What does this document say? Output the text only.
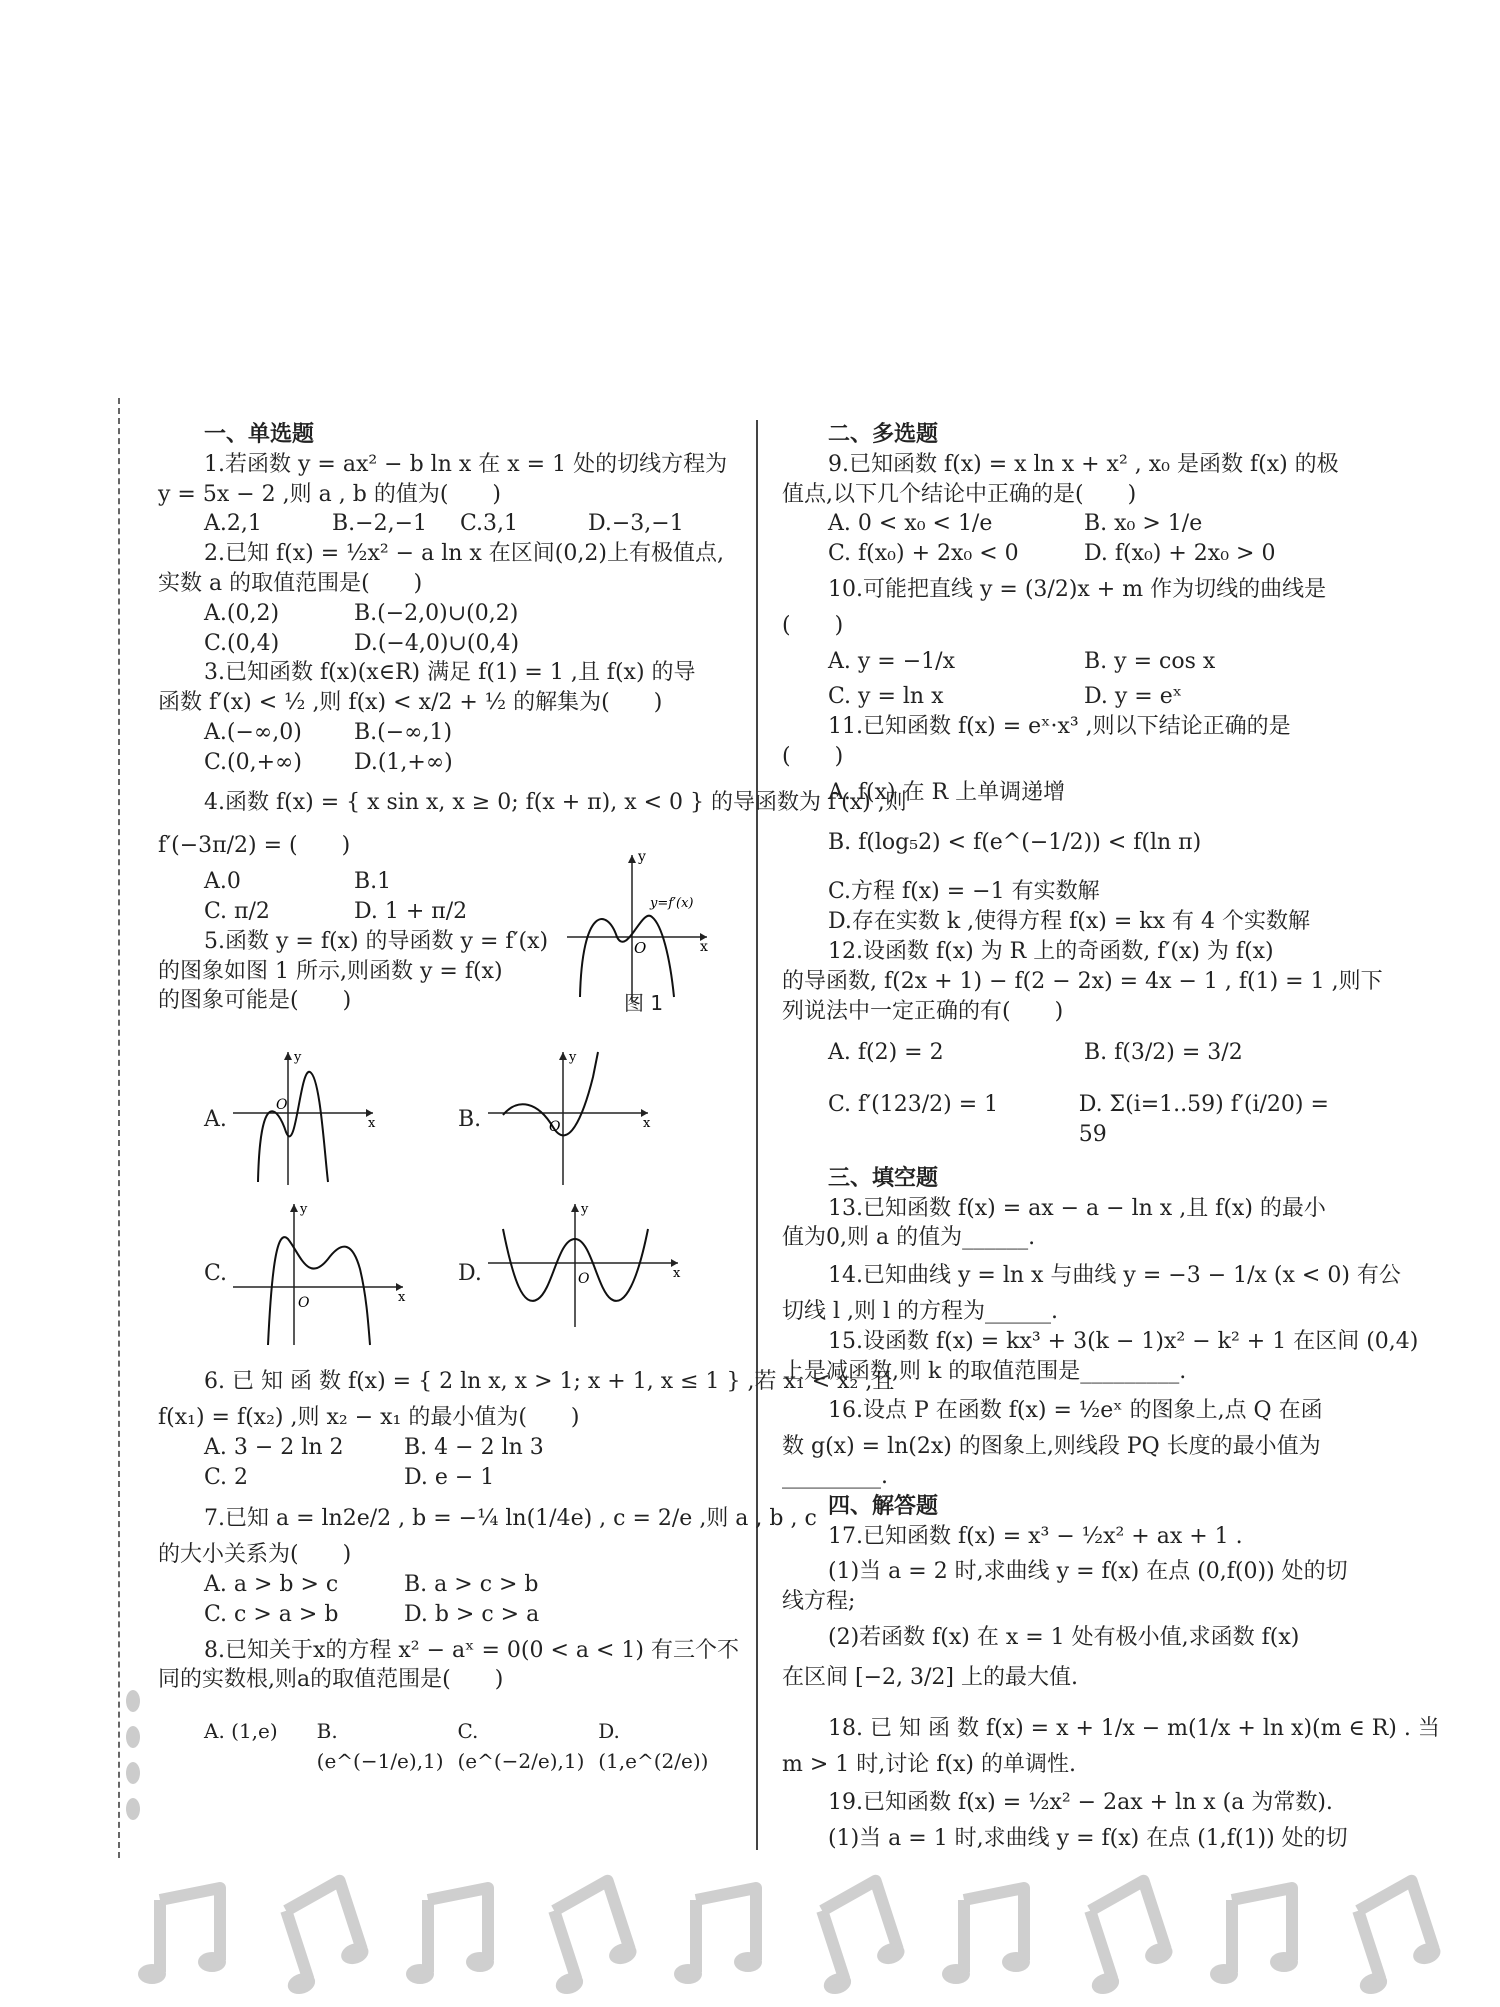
一、单选题
1.若函数 y = ax² − b ln x 在 x = 1 处的切线方程为
y = 5x − 2 ,则 a , b 的值为(　　)
A.2,1	B.−2,−1	C.3,1	D.−3,−1
2.已知 f(x) = ½x² − a ln x 在区间(0,2)上有极值点,
实数 a 的取值范围是(　　)
A.(0,2)	B.(−2,0)∪(0,2)
C.(0,4)	D.(−4,0)∪(0,4)
3.已知函数 f(x)(x∈R) 满足 f(1) = 1 ,且 f(x) 的导
函数 f′(x) < ½ ,则 f(x) < x/2 + ½ 的解集为(　　)
A.(−∞,0)	B.(−∞,1)
C.(0,+∞)	D.(1,+∞)
4.函数 f(x) = { x sin x, x ≥ 0; f(x + π), x < 0 } 的导函数为 f′(x) ,则
f′(−3π/2) = (　　)
A.0	B.1
C. π/2	D. 1 + π/2
5.函数 y = f(x) 的导函数 y = f′(x)
的图象如图 1 所示,则函数 y = f(x)
的图象可能是(　　)
y
x
O
y=f′(x)
图 1
A.
y
x
O
B.
y
x
O
C.
y
x
O
D.
y
x
O
6. 已 知 函 数 f(x) = { 2 ln x, x > 1; x + 1, x ≤ 1 } ,若 x₁ < x₂ ,且
f(x₁) = f(x₂) ,则 x₂ − x₁ 的最小值为(　　)
A. 3 − 2 ln 2	B. 4 − 2 ln 3
C. 2	D. e − 1
7.已知 a = ln2e/2 , b = −¼ ln(1/4e) , c = 2/e ,则 a , b , c
的大小关系为(　　)
A. a > b > c	B. a > c > b
C. c > a > b	D. b > c > a
8.已知关于x的方程 x² − aˣ = 0(0 < a < 1) 有三个不
同的实数根,则a的取值范围是(　　)
A. (1,e)	B. (e^(−1/e),1)
C. (e^(−2/e),1)
D. (1,e^(2/e))
二、多选题
9.已知函数 f(x) = x ln x + x² , x₀ 是函数 f(x) 的极
值点,以下几个结论中正确的是(　　)
A. 0 < x₀ < 1/e	B. x₀ > 1/e
C. f(x₀) + 2x₀ < 0	D. f(x₀) + 2x₀ > 0
10.可能把直线 y = (3/2)x + m 作为切线的曲线是
(　　)
A. y = −1/x	B. y = cos x
C. y = ln x	D. y = eˣ
11.已知函数 f(x) = eˣ·x³ ,则以下结论正确的是
(　　)
A. f(x) 在 R 上单调递增
B. f(log₅2) < f(e^(−1/2)) < f(ln π)
C.方程 f(x) = −1 有实数解
D.存在实数 k ,使得方程 f(x) = kx 有 4 个实数解
12.设函数 f(x) 为 R 上的奇函数, f′(x) 为 f(x)
的导函数, f(2x + 1) − f(2 − 2x) = 4x − 1 , f(1) = 1 ,则下
列说法中一定正确的有(　　)
A. f(2) = 2	B. f(3/2) = 3/2
C. f′(123/2) = 1	D. Σ(i=1..59) f′(i/20) = 59
三、填空题
13.已知函数 f(x) = ax − a − ln x ,且 f(x) 的最小
值为0,则 a 的值为______.
14.已知曲线 y = ln x 与曲线 y = −3 − 1/x (x < 0) 有公
切线 l ,则 l 的方程为______.
15.设函数 f(x) = kx³ + 3(k − 1)x² − k² + 1 在区间 (0,4)
上是减函数,则 k 的取值范围是_________.
16.设点 P 在函数 f(x) = ½eˣ 的图象上,点 Q 在函
数 g(x) = ln(2x) 的图象上,则线段 PQ 长度的最小值为
_________.
四、解答题
17.已知函数 f(x) = x³ − ½x² + ax + 1 .
(1)当 a = 2 时,求曲线 y = f(x) 在点 (0,f(0)) 处的切
线方程;
(2)若函数 f(x) 在 x = 1 处有极小值,求函数 f(x)
在区间 [−2, 3/2] 上的最大值.
18. 已 知 函 数 f(x) = x + 1/x − m(1/x + ln x)(m ∈ R) . 当
m > 1 时,讨论 f(x) 的单调性.
19.已知函数 f(x) = ½x² − 2ax + ln x (a 为常数).
(1)当 a = 1 时,求曲线 y = f(x) 在点 (1,f(1)) 处的切
